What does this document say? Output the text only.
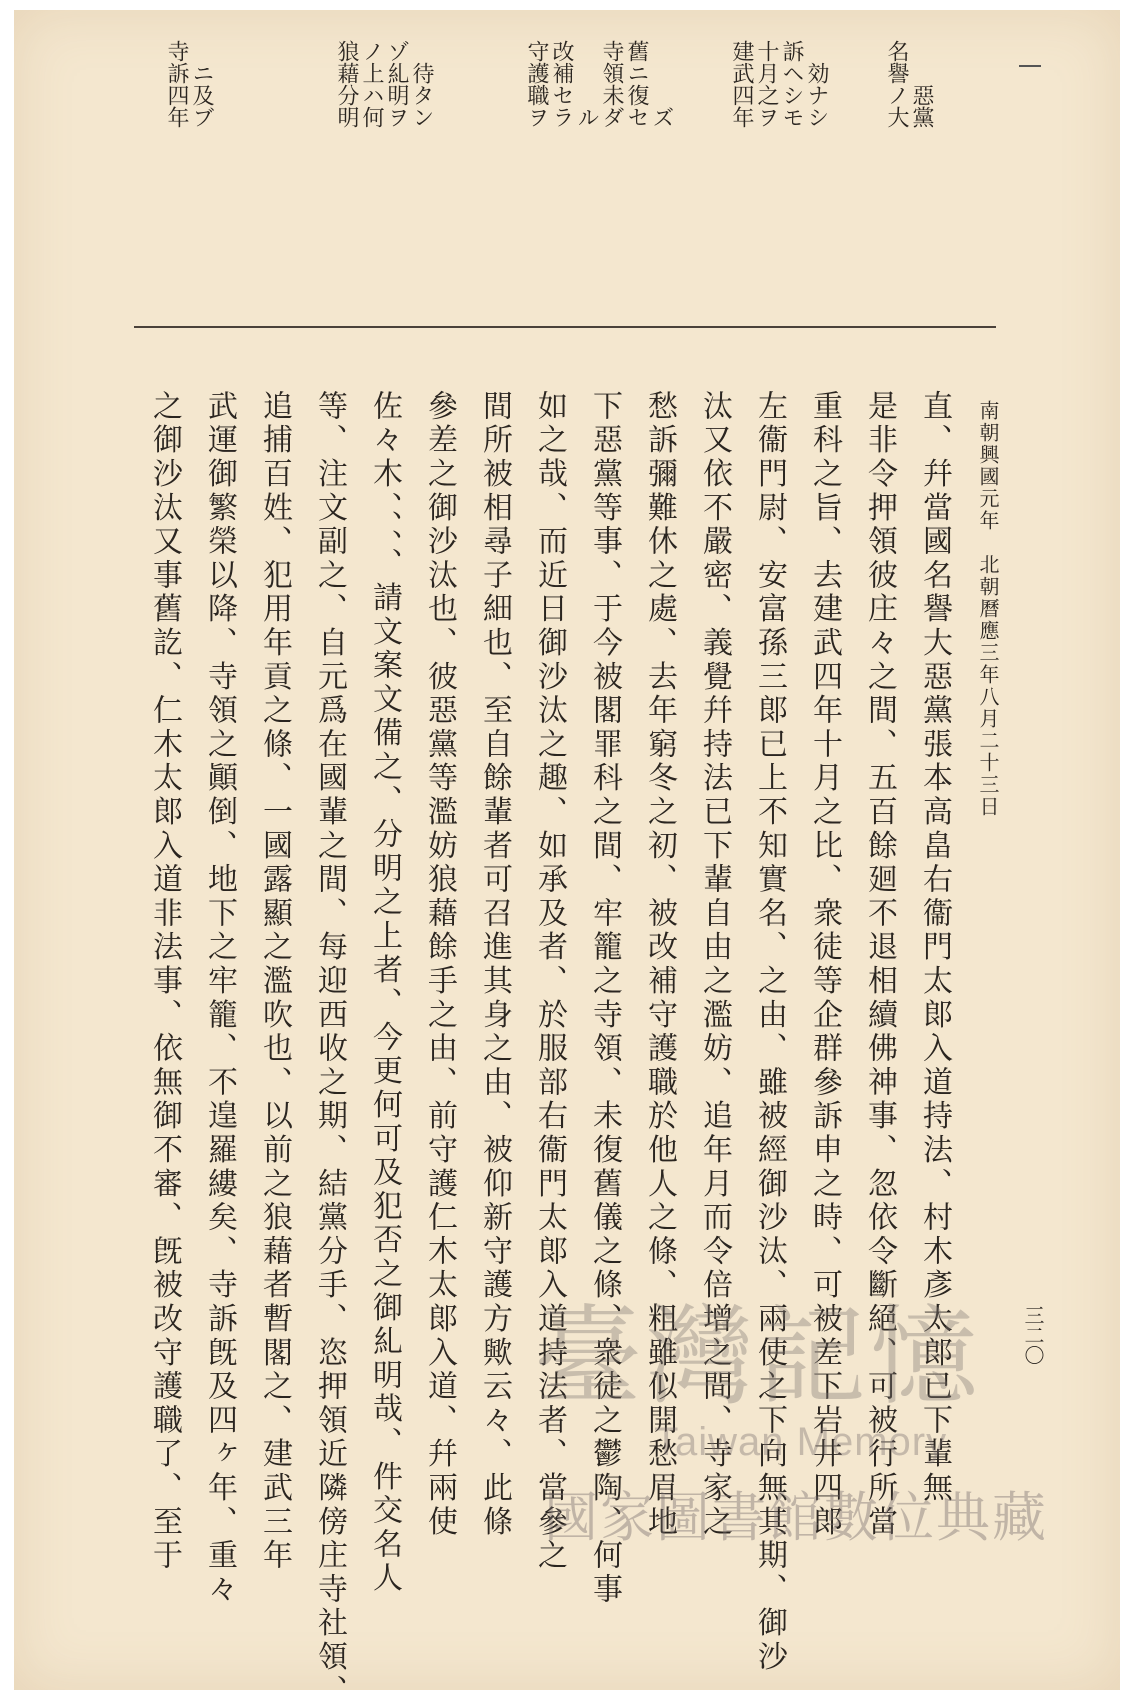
名譽ノ大惡黨
建武四年十月之ヲ訴ヘシモ効ナシ
守護職ヲ改補セラル寺領未ダ舊ニ復セズ
狼藉分明ノ上ハ何ゾ糺明ヲ待タン
寺訴四年ニ及ブ
南朝興國元年　北朝曆應三年八月二十三日
三二〇
直、幷當國名譽大惡黨張本高畠右衞門太郞入道持法、村木彥太郞已下輩無
是非令押領彼庄々之間、五百餘廻不退相續佛神事、忽依令斷絕、可被行所當
重科之旨、去建武四年十月之比、衆徒等企群參訴申之時、可被差下岩井四郞
左衞門尉、安富孫三郞已上不知實名、之由、雖被經御沙汰、兩使之下向無其期、御沙
汰又依不嚴密、義覺幷持法已下輩自由之濫妨、追年月而令倍增之間、寺家之
愁訴彌難休之處、去年窮冬之初、被改補守護職於他人之條、粗雖似開愁眉地
下惡黨等事、于今被閣罪科之間、牢籠之寺領、未復舊儀之條、衆徒之鬱陶、何事
如之哉、而近日御沙汰之趣、如承及者、於服部右衞門太郞入道持法者、當參之
間所被相尋子細也、至自餘輩者可召進其身之由、被仰新守護方歟云々、此條
參差之御沙汰也、彼惡黨等濫妨狼藉餘手之由、前守護仁木太郞入道、幷兩使
佐々木、、、、請文案文備之、分明之上者、今更何可及犯否之御糺明哉、件交名人
等、注文副之、自元爲在國輩之間、每迎西收之期、結黨分手、恣押領近隣傍庄寺社領、
追捕百姓、犯用年貢之條、一國露顯之濫吹也、以前之狼藉者暫閣之、建武三年
武運御繁榮以降、寺領之顚倒、地下之牢籠、不遑羅縷矣、寺訴旣及四ヶ年、重々
之御沙汰又事舊訖、仁木太郞入道非法事、依無御不審、旣被改守護職了、至于	臺灣記憶
Taiwan Memory
國家圖書館數位典藏
